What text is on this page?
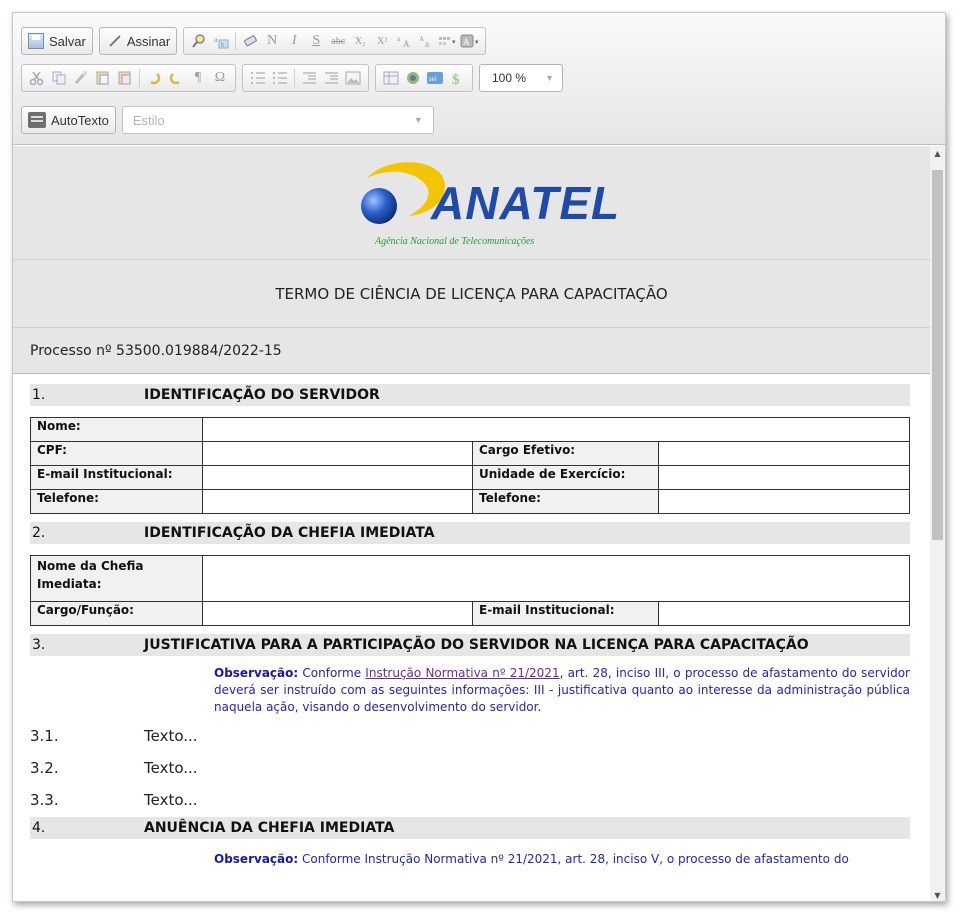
Salvar	Assinar	a
b	N	I	S	abc X₂	X²	a A A a	▾ A ▾
¶ Ω	sei $	100 % ▼
AutoTexto Estilo	▼
ANATEL
Agência Nacional de Telecomunicações
TERMO DE CIÊNCIA DE LICENÇA PARA CAPACITAÇÃO
Processo nº 53500.019884/2022-15
1.	IDENTIFICAÇÃO DO SERVIDOR
Nome:			
CPF:		Cargo Efetivo:	
E-mail Institucional:		Unidade de Exercício:	
Telefone:		Telefone:	
2.	IDENTIFICAÇÃO DA CHEFIA IMEDIATA
Nome da Chefia Imediata:			
Cargo/Função:		E-mail Institucional:	
3.	JUSTIFICATIVA PARA A PARTICIPAÇÃO DO SERVIDOR NA LICENÇA PARA CAPACITAÇÃO
Observação: Conforme Instrução Normativa nº 21/2021, art. 28, inciso III, o processo de afastamento do servidor deverá ser instruído com as seguintes informações: III - justificativa quanto ao interesse da administração pública naquela ação, visando o desenvolvimento do servidor.
3.1.	Texto...
3.2.	Texto...
3.3.	Texto...
4.	ANUÊNCIA DA CHEFIA IMEDIATA
Observação: Conforme Instrução Normativa nº 21/2021, art. 28, inciso V, o processo de afastamento do
▲
▼
